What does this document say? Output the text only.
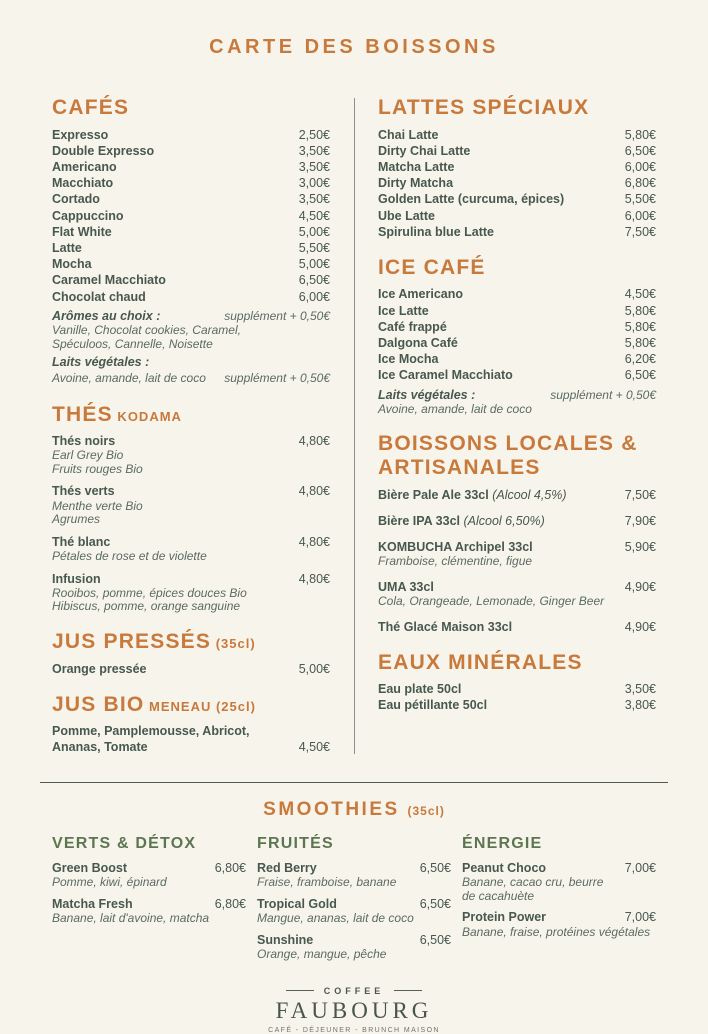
CARTE DES BOISSONS
CAFÉS
Expresso	2,50€
Double Expresso	3,50€
Americano	3,50€
Macchiato	3,00€
Cortado	3,50€
Cappuccino	4,50€
Flat White	5,00€
Latte	5,50€
Mocha	5,00€
Caramel Macchiato	6,50€
Chocolat chaud	6,00€
Arômes au choix :	supplément + 0,50€
Vanille, Chocolat cookies, Caramel,
Spéculoos, Cannelle, Noisette
Laits végétales :
Avoine, amande, lait de coco	supplément + 0,50€
THÉS KODAMA
Thés noirs	4,80€
Earl Grey Bio
Fruits rouges Bio
Thés verts	4,80€
Menthe verte Bio
Agrumes
Thé blanc	4,80€
Pétales de rose et de violette
Infusion	4,80€
Rooibos, pomme, épices douces Bio
Hibiscus, pomme, orange sanguine
JUS PRESSÉS (35cl)
Orange pressée	5,00€
JUS BIO MENEAU (25cl)
Pomme, Pamplemousse, Abricot,
Ananas, Tomate	4,50€
LATTES SPÉCIAUX
Chai Latte	5,80€
Dirty Chai Latte	6,50€
Matcha Latte	6,00€
Dirty Matcha	6,80€
Golden Latte (curcuma, épices)	5,50€
Ube Latte	6,00€
Spirulina blue Latte	7,50€
ICE CAFÉ
Ice Americano	4,50€
Ice Latte	5,80€
Café frappé	5,80€
Dalgona Café	5,80€
Ice Mocha	6,20€
Ice Caramel Macchiato	6,50€
Laits végétales :	supplément + 0,50€
Avoine, amande, lait de coco
BOISSONS LOCALES & ARTISANALES
Bière Pale Ale 33cl (Alcool 4,5%)	7,50€
Bière IPA 33cl (Alcool 6,50%)	7,90€
KOMBUCHA Archipel 33cl	5,90€
Framboise, clémentine, figue
UMA 33cl	4,90€
Cola, Orangeade, Lemonade, Ginger Beer
Thé Glacé Maison 33cl	4,90€
EAUX MINÉRALES
Eau plate 50cl	3,50€
Eau pétillante 50cl	3,80€
SMOOTHIES (35cl)
VERTS & DÉTOX
Green Boost	6,80€
Pomme, kiwi, épinard
Matcha Fresh	6,80€
Banane, lait d'avoine, matcha
FRUITÉS
Red Berry	6,50€
Fraise, framboise, banane
Tropical Gold	6,50€
Mangue, ananas, lait de coco
Sunshine	6,50€
Orange, mangue, pêche
ÉNERGIE
Peanut Choco	7,00€
Banane, cacao cru, beurre
de cacahuète
Protein Power	7,00€
Banane, fraise, protéines végétales
COFFEE
FAUBOURG
CAFÉ - DÉJEUNER - BRUNCH MAISON
